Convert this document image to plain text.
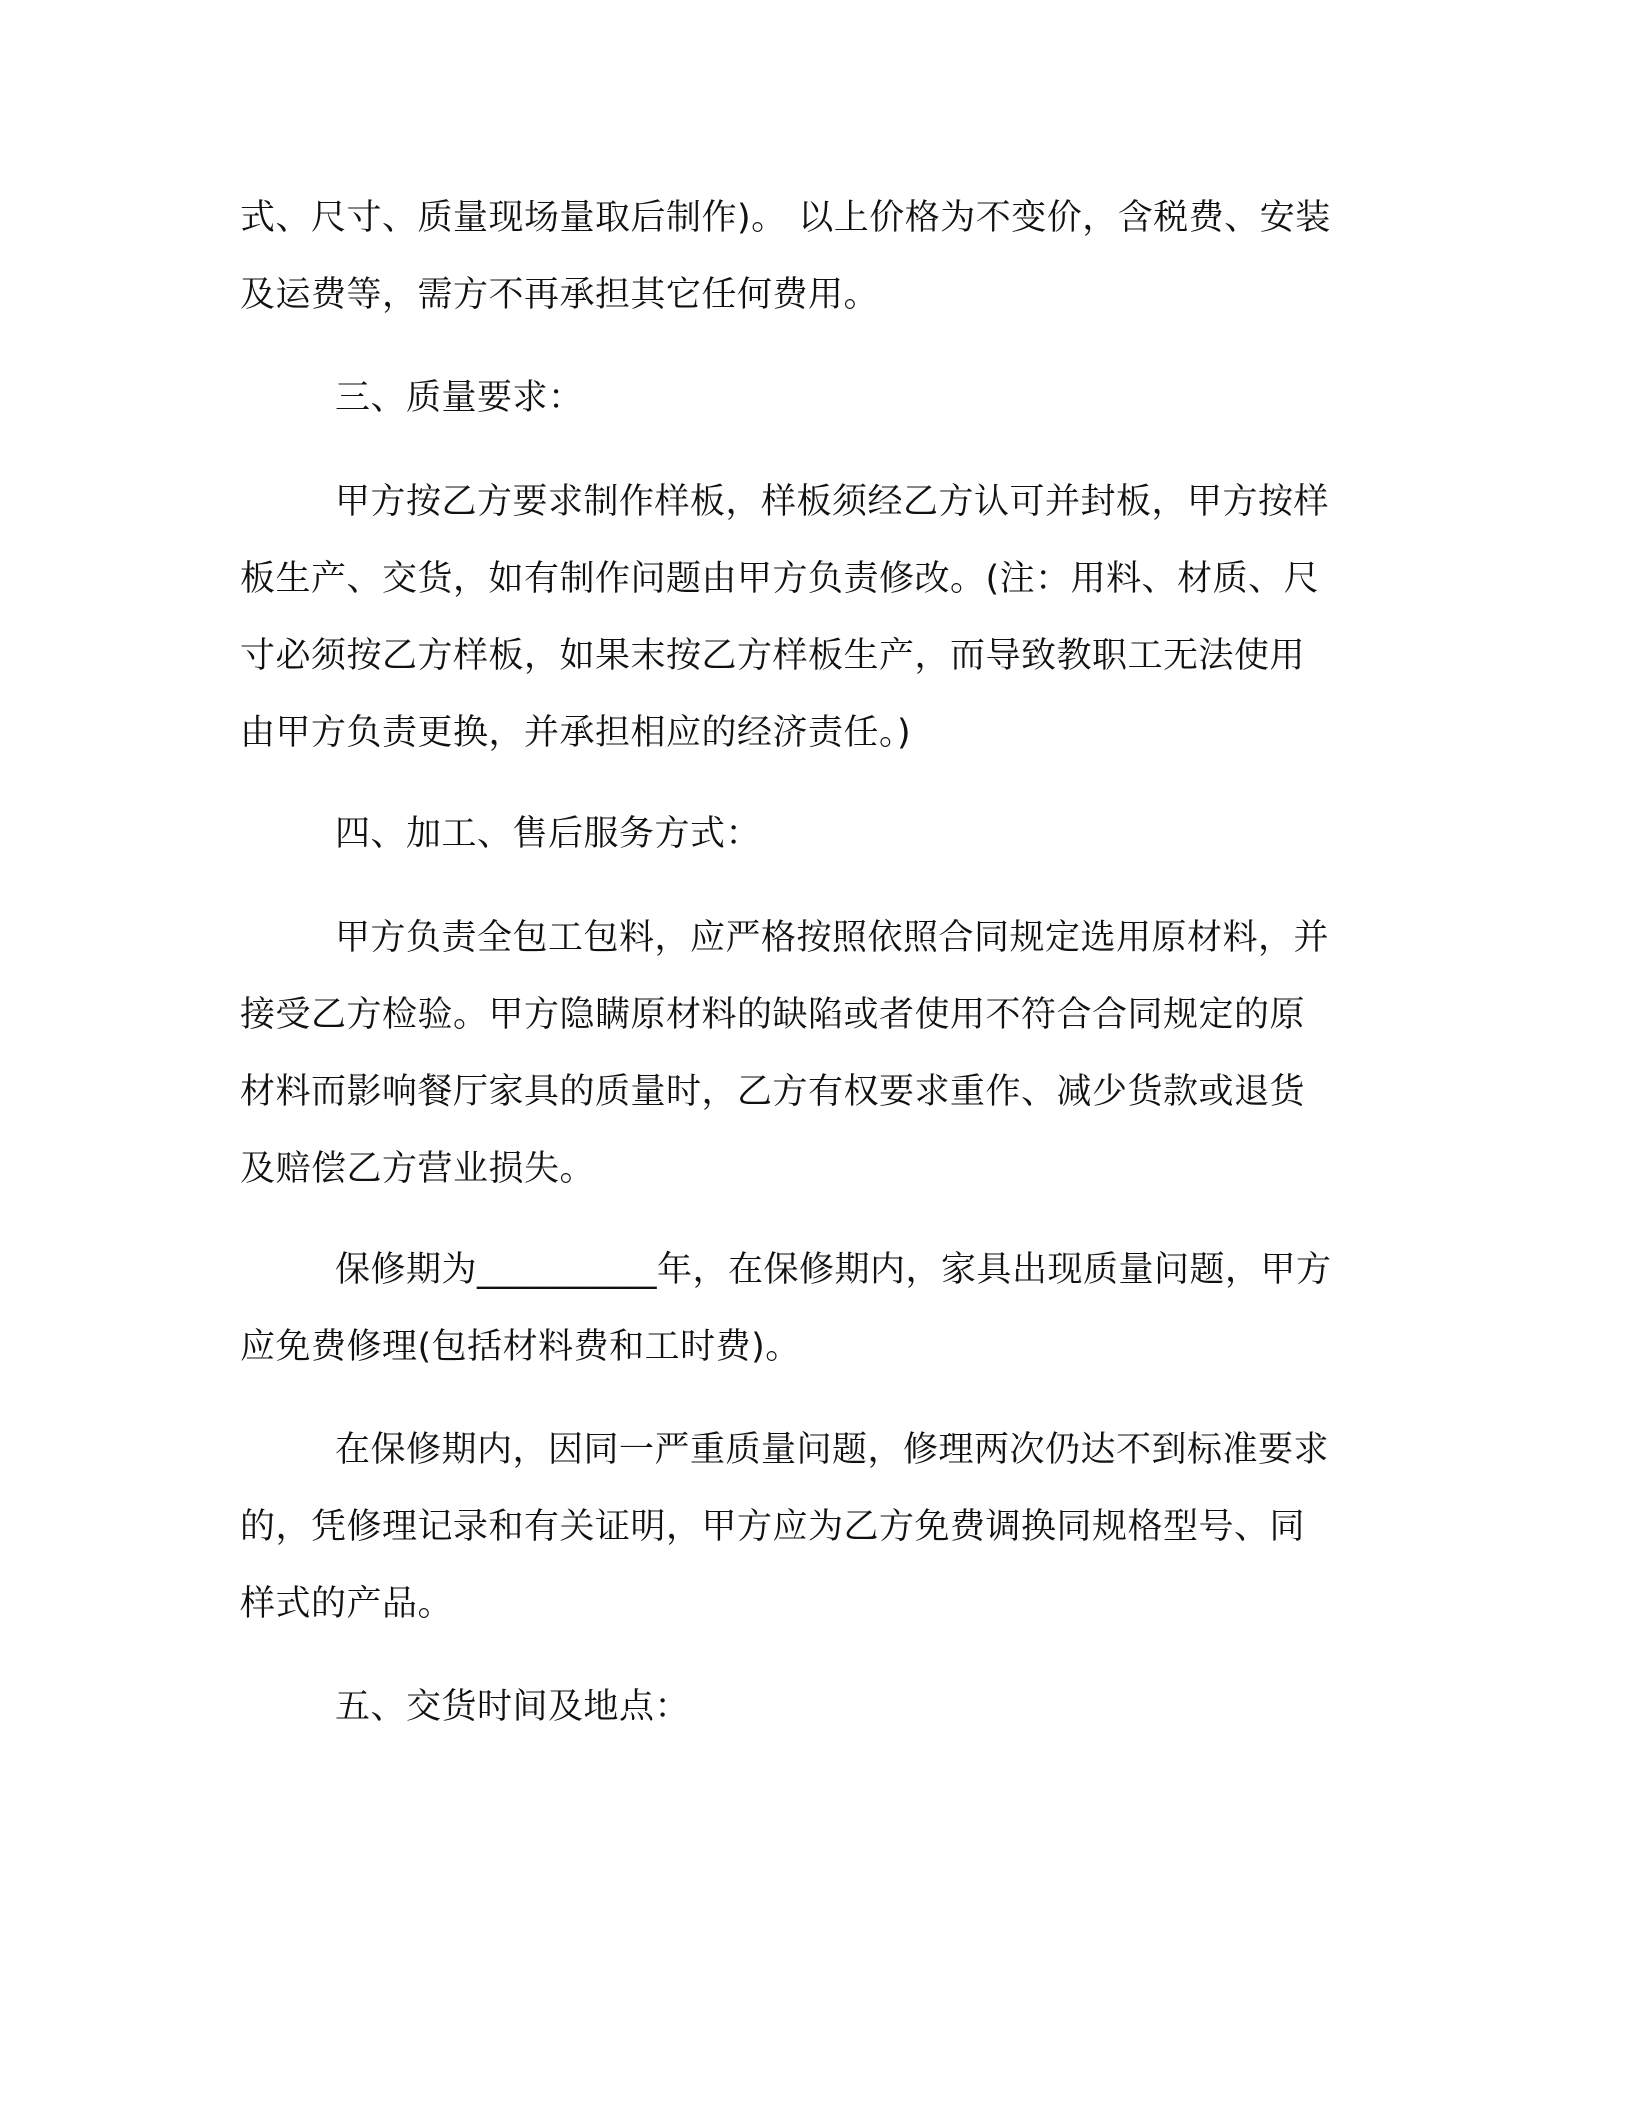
式、尺寸、质量现场量取后制作)。 以上价格为不变价，含税费、安装
及运费等，需方不再承担其它任何费用。

三、质量要求：

甲方按乙方要求制作样板，样板须经乙方认可并封板，甲方按样
板生产、交货，如有制作问题由甲方负责修改。(注：用料、材质、尺
寸必须按乙方样板，如果末按乙方样板生产，而导致教职工无法使用
由甲方负责更换，并承担相应的经济责任。)

四、加工、售后服务方式：

甲方负责全包工包料，应严格按照依照合同规定选用原材料，并
接受乙方检验。甲方隐瞒原材料的缺陷或者使用不符合合同规定的原
材料而影响餐厅家具的质量时，乙方有权要求重作、减少货款或退货
及赔偿乙方营业损失。

保修期为__________年，在保修期内，家具出现质量问题，甲方
应免费修理(包括材料费和工时费)。

在保修期内，因同一严重质量问题，修理两次仍达不到标准要求
的，凭修理记录和有关证明，甲方应为乙方免费调换同规格型号、同
样式的产品。

五、交货时间及地点：
